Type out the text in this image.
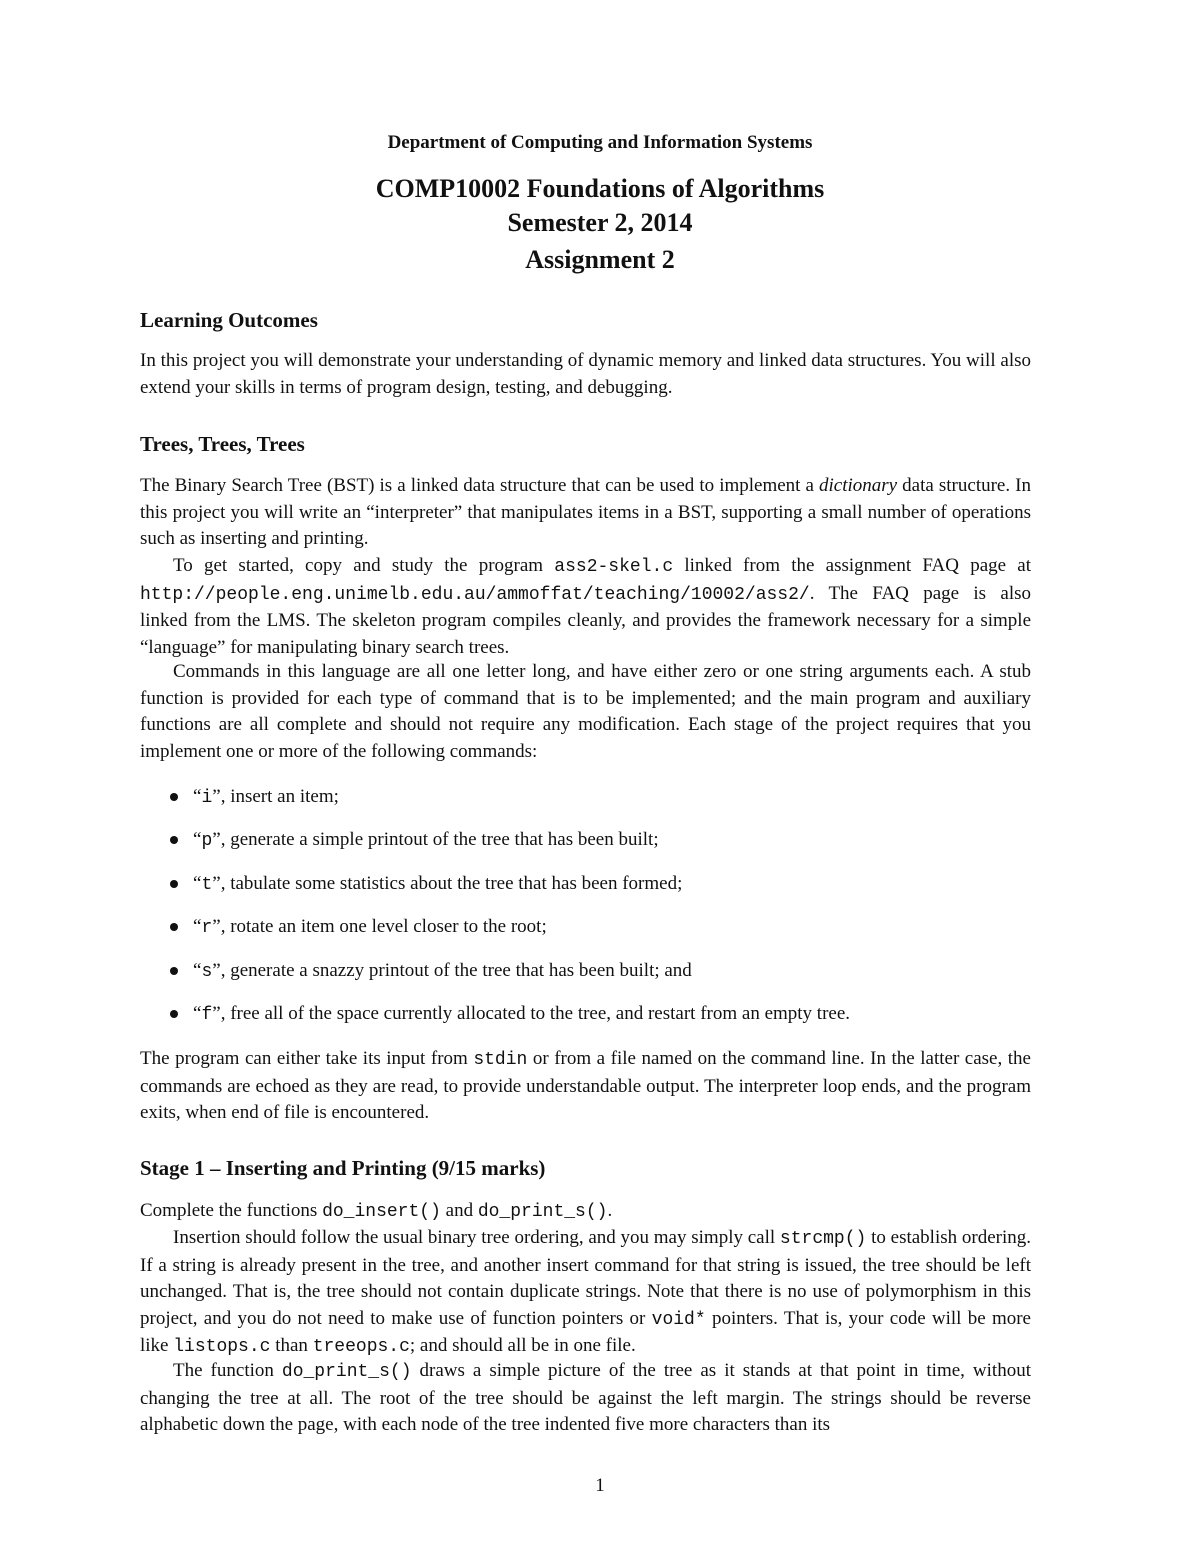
Department of Computing and Information Systems
COMP10002 Foundations of Algorithms
Semester 2, 2014
Assignment 2
Learning Outcomes

In this project you will demonstrate your understanding of dynamic memory and linked data structures. You will also extend your skills in terms of program design, testing, and debugging.

Trees, Trees, Trees

The Binary Search Tree (BST) is a linked data structure that can be used to implement a dictionary data structure. In this project you will write an “interpreter” that manipulates items in a BST, supporting a small number of operations such as inserting and printing.

To get started, copy and study the program ass2-skel.c linked from the assignment FAQ page at http://people.eng.unimelb.edu.au/ammoffat/teaching/10002/ass2/. The FAQ page is also linked from the LMS. The skeleton program compiles cleanly, and provides the framework necessary for a simple “language” for manipulating binary search trees.

Commands in this language are all one letter long, and have either zero or one string arguments each. A stub function is provided for each type of command that is to be implemented; and the main program and auxiliary functions are all complete and should not require any modification. Each stage of the project requires that you implement one or more of the following commands:

“i”, insert an item;
“p”, generate a simple printout of the tree that has been built;
“t”, tabulate some statistics about the tree that has been formed;
“r”, rotate an item one level closer to the root;
“s”, generate a snazzy printout of the tree that has been built; and
“f”, free all of the space currently allocated to the tree, and restart from an empty tree.

The program can either take its input from stdin or from a file named on the command line. In the latter case, the commands are echoed as they are read, to provide understandable output. The interpreter loop ends, and the program exits, when end of file is encountered.

Stage 1 – Inserting and Printing (9/15 marks)

Complete the functions do_insert() and do_print_s().

Insertion should follow the usual binary tree ordering, and you may simply call strcmp() to establish ordering. If a string is already present in the tree, and another insert command for that string is issued, the tree should be left unchanged. That is, the tree should not contain duplicate strings. Note that there is no use of polymorphism in this project, and you do not need to make use of function pointers or void* pointers. That is, your code will be more like listops.c than treeops.c; and should all be in one file.

The function do_print_s() draws a simple picture of the tree as it stands at that point in time, without changing the tree at all. The root of the tree should be against the left margin. The strings should be reverse alphabetic down the page, with each node of the tree indented five more characters than its

1
